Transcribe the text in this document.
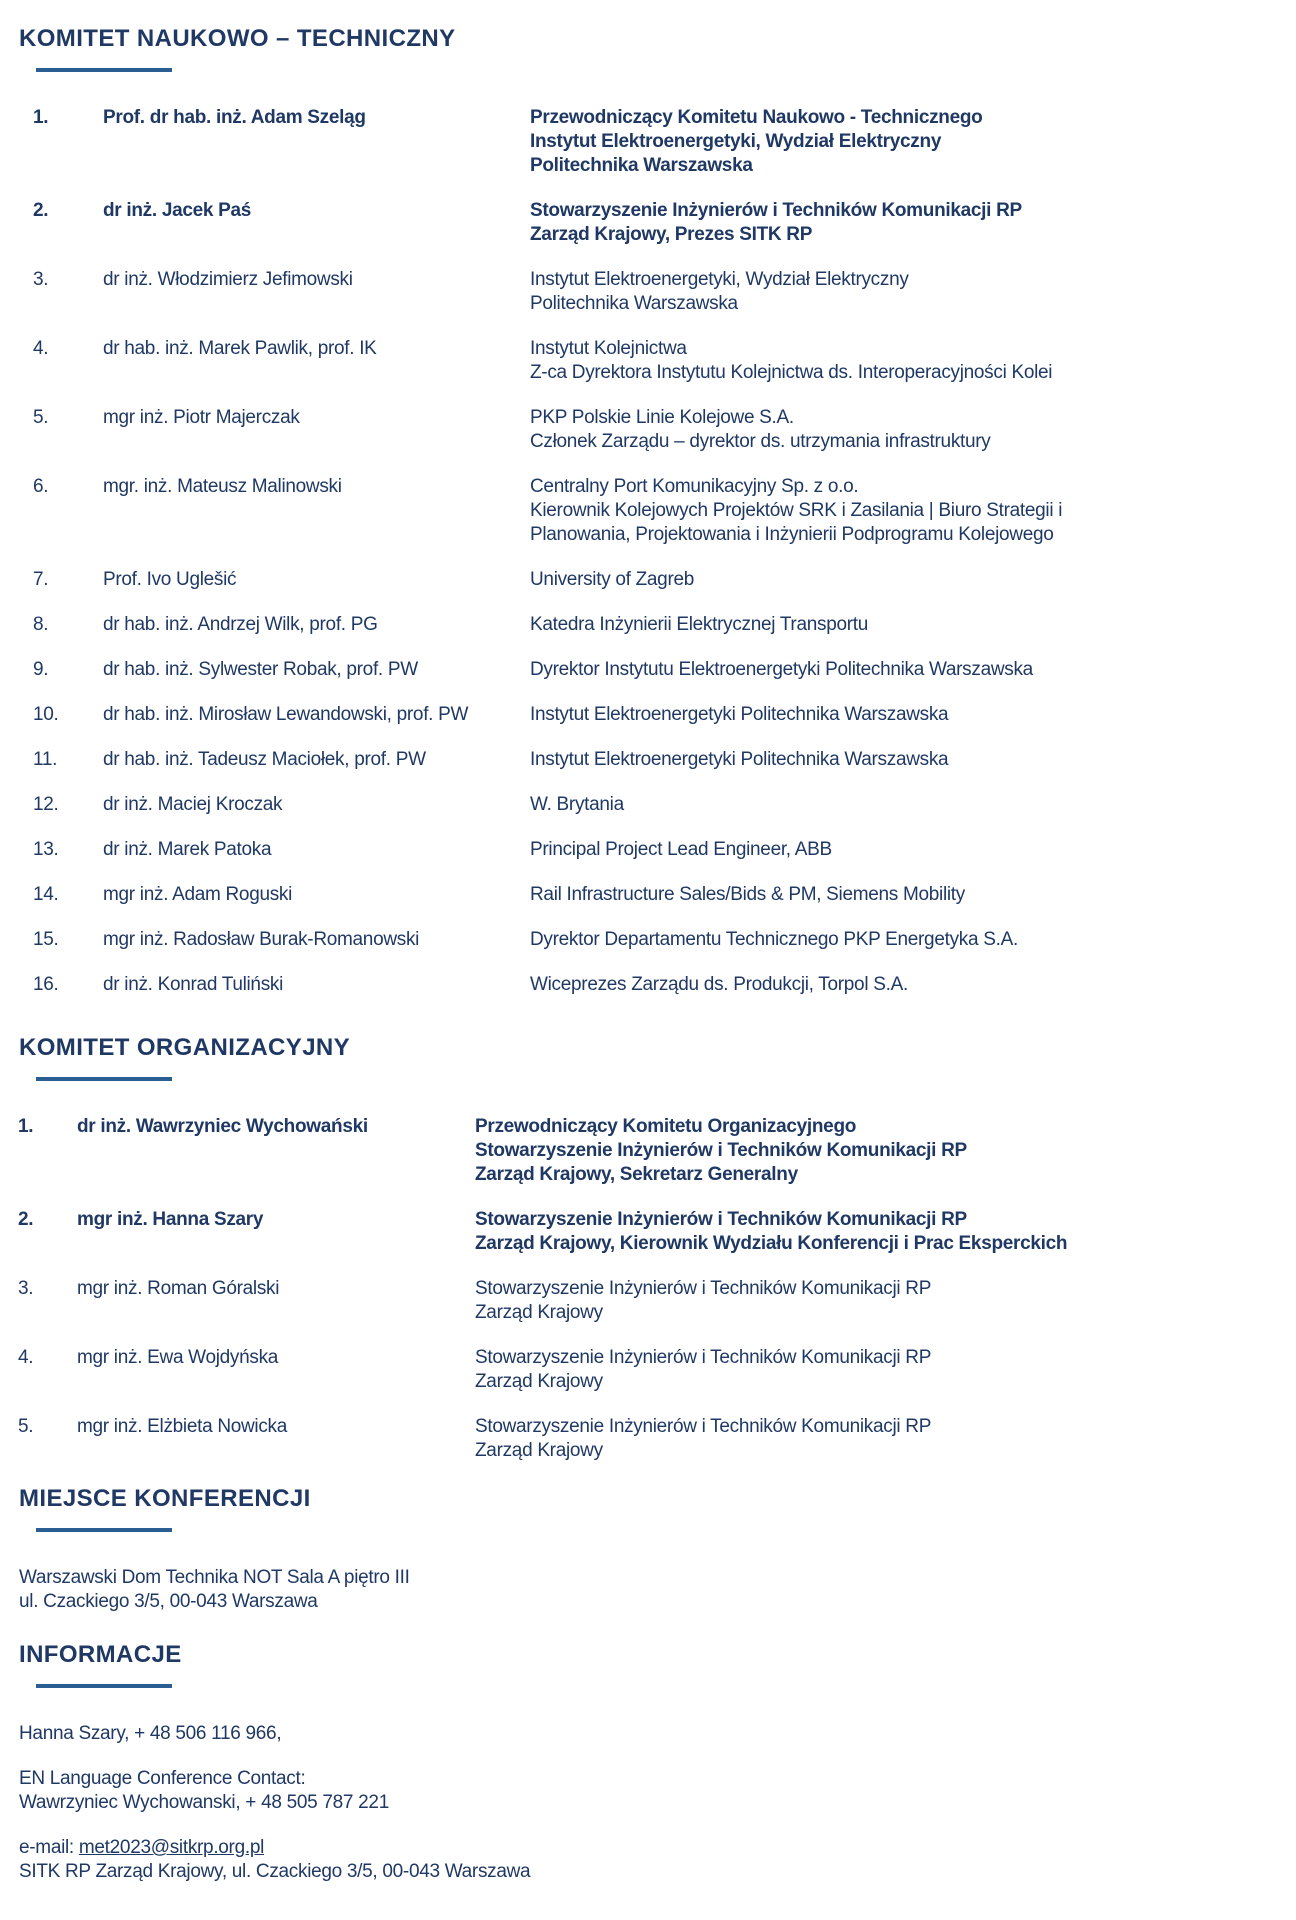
KOMITET NAUKOWO – TECHNICZNY
1.	Prof. dr hab. inż. Adam Szeląg	Przewodniczący Komitetu Naukowo - Technicznego
Instytut Elektroenergetyki, Wydział Elektryczny
Politechnika Warszawska
2.	dr inż. Jacek Paś	Stowarzyszenie Inżynierów i Techników Komunikacji RP
Zarząd Krajowy, Prezes SITK RP
3.	dr inż. Włodzimierz Jefimowski	Instytut Elektroenergetyki, Wydział Elektryczny
Politechnika Warszawska
4.	dr hab. inż. Marek Pawlik, prof. IK	Instytut Kolejnictwa
Z-ca Dyrektora Instytutu Kolejnictwa ds. Interoperacyjności Kolei
5.	mgr inż. Piotr Majerczak	PKP Polskie Linie Kolejowe S.A.
Członek Zarządu – dyrektor ds. utrzymania infrastruktury
6.	mgr. inż. Mateusz Malinowski	Centralny Port Komunikacyjny Sp. z o.o.
Kierownik Kolejowych Projektów SRK i Zasilania | Biuro Strategii i
Planowania, Projektowania i Inżynierii Podprogramu Kolejowego
7.	Prof. Ivo Uglešić	University of Zagreb
8.	dr hab. inż. Andrzej Wilk, prof. PG	Katedra Inżynierii Elektrycznej Transportu
9.	dr hab. inż. Sylwester Robak, prof. PW	Dyrektor Instytutu Elektroenergetyki Politechnika Warszawska
10.	dr hab. inż. Mirosław Lewandowski, prof. PW	Instytut Elektroenergetyki Politechnika Warszawska
11.	dr hab. inż. Tadeusz Maciołek, prof. PW	Instytut Elektroenergetyki Politechnika Warszawska
12.	dr inż. Maciej Kroczak	W. Brytania
13.	dr inż. Marek Patoka	Principal Project Lead Engineer, ABB
14.	mgr inż. Adam Roguski	Rail Infrastructure Sales/Bids & PM, Siemens Mobility
15.	mgr inż. Radosław Burak-Romanowski	Dyrektor Departamentu Technicznego PKP Energetyka S.A.
16.	dr inż. Konrad Tuliński	Wiceprezes Zarządu ds. Produkcji, Torpol S.A.
KOMITET ORGANIZACYJNY
1.	dr inż. Wawrzyniec Wychowański	Przewodniczący Komitetu Organizacyjnego
Stowarzyszenie Inżynierów i Techników Komunikacji RP
Zarząd Krajowy, Sekretarz Generalny
2.	mgr inż. Hanna Szary	Stowarzyszenie Inżynierów i Techników Komunikacji RP
Zarząd Krajowy, Kierownik Wydziału Konferencji i Prac Eksperckich
3.	mgr inż. Roman Góralski	Stowarzyszenie Inżynierów i Techników Komunikacji RP
Zarząd Krajowy
4.	mgr inż. Ewa Wojdyńska	Stowarzyszenie Inżynierów i Techników Komunikacji RP
Zarząd Krajowy
5.	mgr inż. Elżbieta Nowicka	Stowarzyszenie Inżynierów i Techników Komunikacji RP
Zarząd Krajowy
MIEJSCE KONFERENCJI
Warszawski Dom Technika NOT Sala A piętro III
ul. Czackiego 3/5, 00-043 Warszawa
INFORMACJE
Hanna Szary, + 48 506 116 966,
EN Language Conference Contact:
Wawrzyniec Wychowanski, + 48 505 787 221
e-mail: met2023@sitkrp.org.pl
SITK RP Zarząd Krajowy, ul. Czackiego 3/5, 00-043 Warszawa
